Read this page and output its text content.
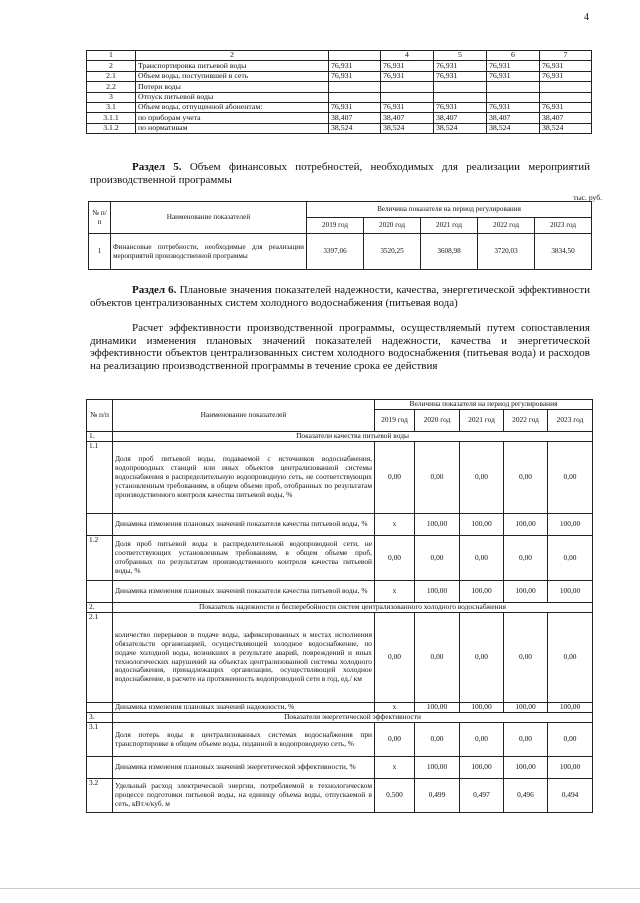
4
1	2		4	5	6	7
2	Транспортировка питьевой воды	76,931	76,931	76,931	76,931	76,931
2.1	Объем воды, поступившей в сеть	76,931	76,931	76,931	76,931	76,931
2.2	Потери воды					
3	Отпуск питьевой воды					
3.1	Объем воды, отпущенной абонентам:	76,931	76,931	76,931	76,931	76,931
3.1.1	по приборам учета	38,407	38,407	38,407	38,407	38,407
3.1.2	по нормативам	38,524	38,524	38,524	38,524	38,524
Раздел 5. Объем финансовых потребностей, необходимых для реализации мероприятий производственной программы
тыс. руб.
№ п/ п	Наименование показателей	Величина показателя на период регулирования				
		2019 год	2020 год	2021 год	2022 год	2023 год
1	Финансовые потребности, необходимые для реализации мероприятий производственной программы	3397,06	3520,25	3608,98	3720,03	3834,50
Раздел 6. Плановые значения показателей надежности, качества, энергетической эффективности объектов централизованных систем холодного водоснабжения (питьевая вода)
Расчет эффективности производственной программы, осуществляемый путем сопоставления динамики изменения плановых значений показателей надежности, качества и энергетической эффективности объектов централизованных систем холодного водоснабжения (питьевая вода) и расходов на реализацию производственной программы в течение срока ее действия
№ п/п	Наименование показателей	Величина показателя на период регулирования				
		2019 год	2020 год	2021 год	2022 год	2023 год
1.	Показатели качества питьевой воды					
1.1	Доля проб питьевой воды, подаваемой с источников водоснабжения, водопроводных станций или иных объектов централизованной системы водоснабжения в распределительную водопроводную сеть, не соответствующих установленным требованиям, в общем объеме проб, отобранных по результатам производственного контроля качества питьевой воды, %	0,00	0,00	0,00	0,00	0,00
	Динамика изменения плановых значений показателя качества питьевой воды, %	х	100,00	100,00	100,00	100,00
1.2	Доля проб питьевой воды в распределительной водопроводной сети, не соответствующих установленным требованиям, в общем объеме проб, отобранных по результатам производственного контроля качества питьевой воды, %	0,00	0,00	0,00	0,00	0,00
	Динамика изменения плановых значений показателя качества питьевой воды, %	х	100,00	100,00	100,00	100,00
2.	Показатель надежности и бесперебойности систем централизованного холодного водоснабжения					
2.1	количество перерывов в подаче воды, зафиксированных в местах исполнения обязательств организацией, осуществляющей холодное водоснабжение, по подаче холодной воды, возникших в результате аварий, повреждений и иных технологических нарушений на объектах централизованной системы холодного водоснабжения, принадлежащих организации, осуществляющей холодное водоснабжение, в расчете на протяженность водопроводной сети в год, ед./ км	0,00	0,00	0,00	0,00	0,00
	Динамика изменения плановых значений надежности, %	х	100,00	100,00	100,00	100,00
3.	Показатели энергетической эффективности					
3.1	Доля потерь воды в централизованных системах водоснабжения при транспортировке в общем объеме воды, поданной в водопроводную сеть, %	0,00	0,00	0,00	0,00	0,00
	Динамика изменения плановых значений энергетической эффективности, %	х	100,00	100,00	100,00	100,00
3.2	Удельный расход электрической энергии, потребляемой в технологическом процессе подготовки питьевой воды, на единицу объема воды, отпускаемой в сеть, кВт.ч/куб. м	0,500	0,499	0,497	0,496	0,494
